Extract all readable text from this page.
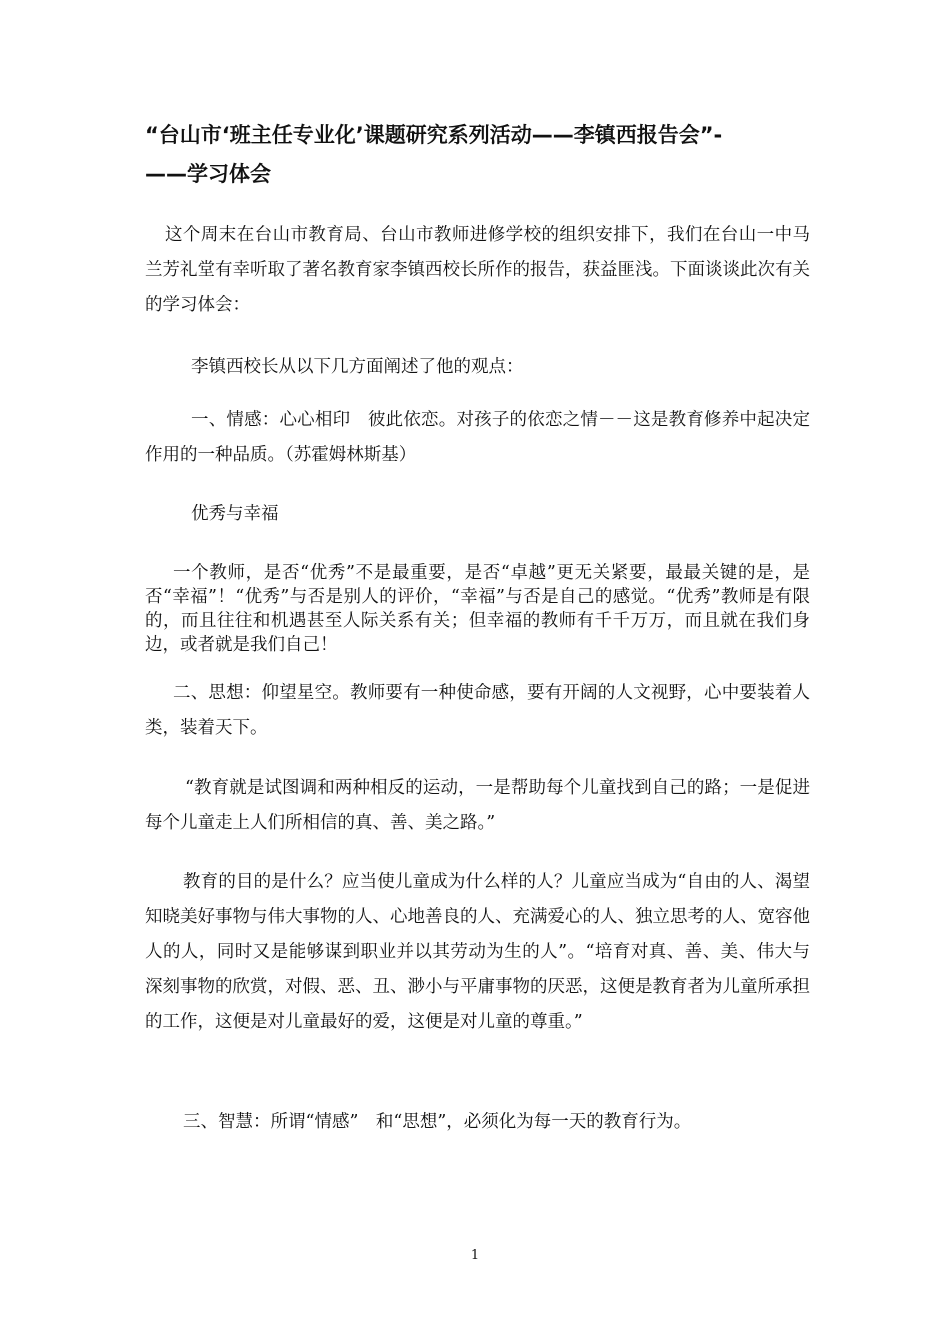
“台山市‘班主任专业化’课题研究系列活动——李镇西报告会”-
——学习体会

这个周末在台山市教育局、台山市教师进修学校的组织安排下，我们在台山一中马兰芳礼堂有幸听取了著名教育家李镇西校长所作的报告，获益匪浅。下面谈谈此次有关的学习体会：

李镇西校长从以下几方面阐述了他的观点：

一、情感：心心相印　彼此依恋。对孩子的依恋之情－－这是教育修养中起决定作用的一种品质。（苏霍姆林斯基）

优秀与幸福

一个教师，是否“优秀”不是最重要，是否“卓越”更无关紧要，最最关键的是，是否“幸福”！“优秀”与否是别人的评价，“幸福”与否是自己的感觉。“优秀”教师是有限的，而且往往和机遇甚至人际关系有关；但幸福的教师有千千万万，而且就在我们身边，或者就是我们自己！

二、思想：仰望星空。教师要有一种使命感，要有开阔的人文视野，心中要装着人类，装着天下。

“教育就是试图调和两种相反的运动，一是帮助每个儿童找到自己的路；一是促进每个儿童走上人们所相信的真、善、美之路。”

教育的目的是什么？应当使儿童成为什么样的人？儿童应当成为“自由的人、渴望知晓美好事物与伟大事物的人、心地善良的人、充满爱心的人、独立思考的人、宽容他人的人，同时又是能够谋到职业并以其劳动为生的人”。“培育对真、善、美、伟大与深刻事物的欣赏，对假、恶、丑、渺小与平庸事物的厌恶，这便是教育者为儿童所承担的工作，这便是对儿童最好的爱，这便是对儿童的尊重。”

三、智慧：所谓“情感”　和“思想”，必须化为每一天的教育行为。

1
